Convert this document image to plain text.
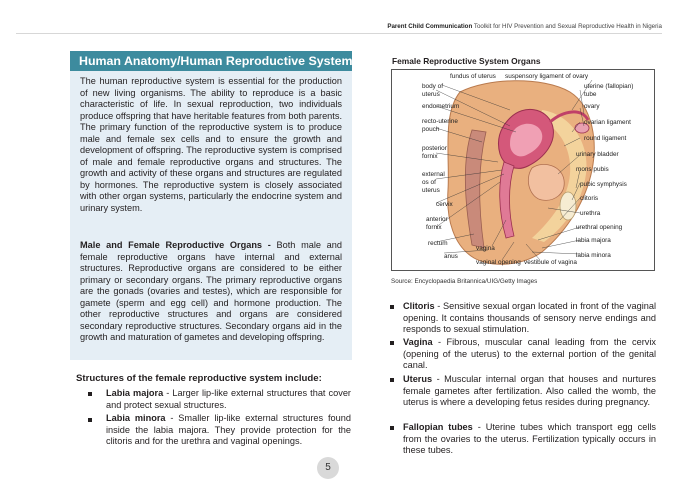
Parent Child Communication Toolkit for HIV Prevention and Sexual Reproductive Health in Nigeria
Human Anatomy/Human Reproductive System

The human reproductive system is essential for the production of new living organisms. The ability to reproduce is a basic characteristic of life. In sexual reproduction, two individuals produce offspring that have heritable features from both parents. The primary function of the reproductive system is to produce male and female sex cells and to ensure the growth and development of offspring. The reproductive system is comprised of male and female reproductive organs and structures. The growth and activity of these organs and structures are regulated by hormones. The reproductive system is closely associated with other organ systems, particularly the endocrine system and urinary system.

Male and Female Reproductive Organs - Both male and female reproductive organs have internal and external structures. Reproductive organs are considered to be either primary or secondary organs. The primary reproductive organs are the gonads (ovaries and testes), which are responsible for gamete (sperm and egg cell) and hormone production. The other reproductive structures and organs are considered secondary reproductive structures. Secondary organs aid in the growth and maturation of gametes and developing offspring.

Structures of the female reproductive system include:
Labia majora - Larger lip-like external structures that cover and protect sexual structures.
Labia minora - Smaller lip-like external structures found inside the labia majora. They provide protection for the clitoris and for the urethra and vaginal openings.
5
Female Reproductive System Organs
fundus of uterus suspensory ligament of ovary
body of
uterus
uterine (fallopian)
tube
endometrium	ovary
recto-uterine
pouch
ovarian ligament
round ligament
posterior
fornix	urinary bladder
external
os of
uterus
mons pubis
pubic symphysis
cervix
clitoris
anterior
fornix
urethra
urethral opening
rectum
vagina
labia majora
anus
vaginal opening vestibule of vagina
labia minora
Source: Encyclopaedia Britannica/UIG/Getty Images
Clitoris - Sensitive sexual organ located in front of the vaginal opening. It contains thousands of sensory nerve endings and responds to sexual stimulation.
Vagina - Fibrous, muscular canal leading from the cervix (opening of the uterus) to the external portion of the genital canal.
Uterus - Muscular internal organ that houses and nurtures female gametes after fertilization. Also called the womb, the uterus is where a developing fetus resides during pregnancy.
Fallopian tubes - Uterine tubes which transport egg cells from the ovaries to the uterus. Fertilization typically occurs in these tubes.
